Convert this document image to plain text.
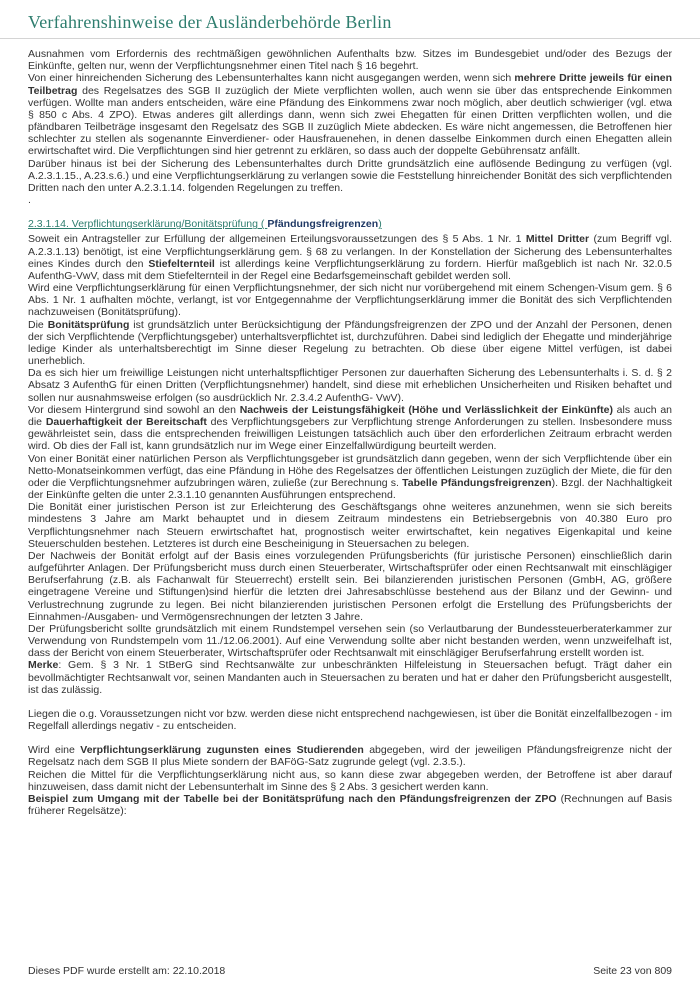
Verfahrenshinweise der Ausländerbehörde Berlin

Ausnahmen vom Erfordernis des rechtmäßigen gewöhnlichen Aufenthalts bzw. Sitzes im Bundesgebiet und/oder des Bezugs der Einkünfte, gelten nur, wenn der Verpflichtungsnehmer einen Titel nach § 16 begehrt.

Von einer hinreichenden Sicherung des Lebensunterhaltes kann nicht ausgegangen werden, wenn sich mehrere Dritte jeweils für einen Teilbetrag des Regelsatzes des SGB II zuzüglich der Miete verpflichten wollen, auch wenn sie über das entsprechende Einkommen verfügen. Wollte man anders entscheiden, wäre eine Pfändung des Einkommens zwar noch möglich, aber deutlich schwieriger (vgl. etwa § 850 c Abs. 4 ZPO). Etwas anderes gilt allerdings dann, wenn sich zwei Ehegatten für einen Dritten verpflichten wollen, und die pfändbaren Teilbeträge insgesamt den Regelsatz des SGB II zuzüglich Miete abdecken. Es wäre nicht angemessen, die Betroffenen hier schlechter zu stellen als sogenannte Einverdiener- oder Hausfrauenehen, in denen dasselbe Einkommen durch einen Ehegatten allein erwirtschaftet wird. Die Verpflichtungen sind hier getrennt zu erklären, so dass auch der doppelte Gebührensatz anfällt.

Darüber hinaus ist bei der Sicherung des Lebensunterhaltes durch Dritte grundsätzlich eine auflösende Bedingung zu verfügen (vgl. A.2.3.1.15., A.23.s.6.) und eine Verpflichtungserklärung zu verlangen sowie die Feststellung hinreichender Bonität des sich verpflichtenden Dritten nach den unter A.2.3.1.14. folgenden Regelungen zu treffen.

.

2.3.1.14. Verpflichtungserklärung/Bonitätsprüfung ( Pfändungsfreigrenzen)

Soweit ein Antragsteller zur Erfüllung der allgemeinen Erteilungsvoraussetzungen des § 5 Abs. 1 Nr. 1 Mittel Dritter (zum Begriff vgl. A.2.3.1.13) benötigt, ist eine Verpflichtungserklärung gem. § 68 zu verlangen. In der Konstellation der Sicherung des Lebensunterhaltes eines Kindes durch den Stiefelternteil ist allerdings keine Verpflichtungserklärung zu fordern. Hierfür maßgeblich ist nach Nr. 32.0.5 AufenthG-VwV, dass mit dem Stiefelternteil in der Regel eine Bedarfsgemeinschaft gebildet werden soll.

Wird eine Verpflichtungserklärung für einen Verpflichtungsnehmer, der sich nicht nur vorübergehend mit einem Schengen-Visum gem. § 6 Abs. 1 Nr. 1 aufhalten möchte, verlangt, ist vor Entgegennahme der Verpflichtungserklärung immer die Bonität des sich Verpflichtenden nachzuweisen (Bonitätsprüfung).

Die Bonitätsprüfung ist grundsätzlich unter Berücksichtigung der Pfändungsfreigrenzen der ZPO und der Anzahl der Personen, denen der sich Verpflichtende (Verpflichtungsgeber) unterhaltsverpflichtet ist, durchzuführen. Dabei sind lediglich der Ehegatte und minderjährige ledige Kinder als unterhaltsberechtigt im Sinne dieser Regelung zu betrachten. Ob diese über eigene Mittel verfügen, ist dabei unerheblich.

Da es sich hier um freiwillige Leistungen nicht unterhaltspflichtiger Personen zur dauerhaften Sicherung des Lebensunterhalts i. S. d. § 2 Absatz 3 AufenthG für einen Dritten (Verpflichtungsnehmer) handelt, sind diese mit erheblichen Unsicherheiten und Risiken behaftet und sollen nur ausnahmsweise erfolgen (so ausdrücklich Nr. 2.3.4.2 AufenthG- VwV).

Vor diesem Hintergrund sind sowohl an den Nachweis der Leistungsfähigkeit (Höhe und Verlässlichkeit der Einkünfte) als auch an die Dauerhaftigkeit der Bereitschaft des Verpflichtungsgebers zur Verpflichtung strenge Anforderungen zu stellen. Insbesondere muss gewährleistet sein, dass die entsprechenden freiwilligen Leistungen tatsächlich auch über den erforderlichen Zeitraum erbracht werden wird. Ob dies der Fall ist, kann grundsätzlich nur im Wege einer Einzelfallwürdigung beurteilt werden.

Von einer Bonität einer natürlichen Person als Verpflichtungsgeber ist grundsätzlich dann gegeben, wenn der sich Verpflichtende über ein Netto-Monatseinkommen verfügt, das eine Pfändung in Höhe des Regelsatzes der öffentlichen Leistungen zuzüglich der Miete, die für den oder die Verpflichtungsnehmer aufzubringen wären, zuließe (zur Berechnung s. Tabelle Pfändungsfreigrenzen). Bzgl. der Nachhaltigkeit der Einkünfte gelten die unter 2.3.1.10 genannten Ausführungen entsprechend.

Die Bonität einer juristischen Person ist zur Erleichterung des Geschäftsgangs ohne weiteres anzunehmen, wenn sie sich bereits mindestens 3 Jahre am Markt behauptet und in diesem Zeitraum mindestens ein Betriebsergebnis von 40.380 Euro pro Verpflichtungsnehmer nach Steuern erwirtschaftet hat, prognostisch weiter erwirtschaftet, kein negatives Eigenkapital und keine Steuerschulden bestehen. Letzteres ist durch eine Bescheinigung in Steuersachen zu belegen.

Der Nachweis der Bonität erfolgt auf der Basis eines vorzulegenden Prüfungsberichts (für juristische Personen) einschließlich darin aufgeführter Anlagen. Der Prüfungsbericht muss durch einen Steuerberater, Wirtschaftsprüfer oder einen Rechtsanwalt mit einschlägiger Berufserfahrung (z.B. als Fachanwalt für Steuerrecht) erstellt sein. Bei bilanzierenden juristischen Personen (GmbH, AG, größere eingetragene Vereine und Stiftungen)sind hierfür die letzten drei Jahresabschlüsse bestehend aus der Bilanz und der Gewinn- und Verlustrechnung zugrunde zu legen. Bei nicht bilanzierenden juristischen Personen erfolgt die Erstellung des Prüfungsberichts der Einnahmen-/Ausgaben- und Vermögensrechnungen der letzten 3 Jahre.

Der Prüfungsbericht sollte grundsätzlich mit einem Rundstempel versehen sein (so Verlautbarung der Bundessteuerberaterkammer zur Verwendung von Rundstempeln vom 11./12.06.2001). Auf eine Verwendung sollte aber nicht bestanden werden, wenn unzweifelhaft ist, dass der Bericht von einem Steuerberater, Wirtschaftsprüfer oder Rechtsanwalt mit einschlägiger Berufserfahrung erstellt worden ist.

Merke: Gem. § 3 Nr. 1 StBerG sind Rechtsanwälte zur unbeschränkten Hilfeleistung in Steuersachen befugt. Trägt daher ein bevollmächtigter Rechtsanwalt vor, seinen Mandanten auch in Steuersachen zu beraten und hat er daher den Prüfungsbericht ausgestellt, ist das zulässig.

Liegen die o.g. Voraussetzungen nicht vor bzw. werden diese nicht entsprechend nachgewiesen, ist über die Bonität einzelfallbezogen - im Regelfall allerdings negativ - zu entscheiden.

Wird eine Verpflichtungserklärung zugunsten eines Studierenden abgegeben, wird der jeweiligen Pfändungsfreigrenze nicht der Regelsatz nach dem SGB II plus Miete sondern der BAFöG-Satz zugrunde gelegt (vgl. 2.3.5.).

Reichen die Mittel für die Verpflichtungserklärung nicht aus, so kann diese zwar abgegeben werden, der Betroffene ist aber darauf hinzuweisen, dass damit nicht der Lebensunterhalt im Sinne des § 2 Abs. 3 gesichert werden kann.

Beispiel zum Umgang mit der Tabelle bei der Bonitätsprüfung nach den Pfändungsfreigrenzen der ZPO (Rechnungen auf Basis früherer Regelsätze):

Dieses PDF wurde erstellt am: 22.10.2018	Seite 23 von 809
